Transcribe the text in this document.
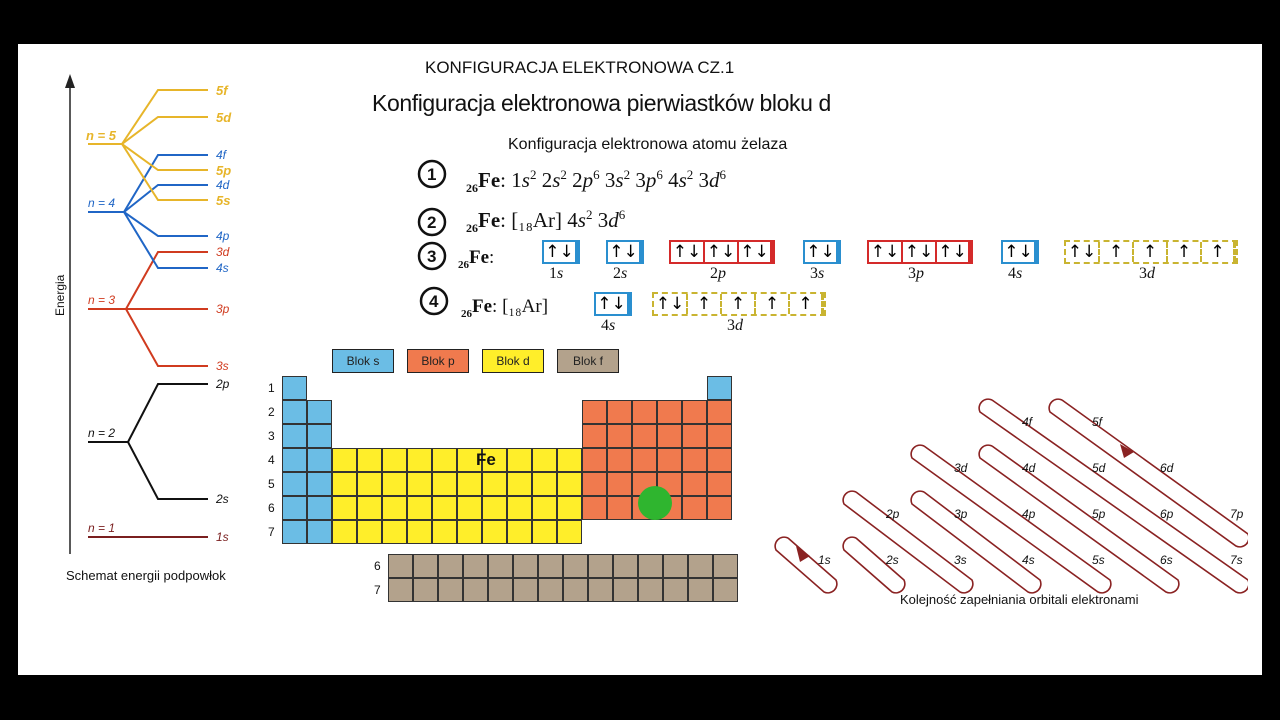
KONFIGURACJA ELEKTRONOWA CZ.1
Konfiguracja elektronowa pierwiastków bloku d
Konfiguracja elektronowa atomu żelaza
Energia
n = 1
1s
n = 2
2s
2p
n = 3
3s
3p
3d
n = 4
4s
4p
4d
4f
n = 5
5s
5p
5d
5f
Schemat energii podpowłok
1
2
3
4
$_{26}$Fe: $1s^2$ $2s^2$ $2p^6$ $3s^2$ $3p^6$ $4s^2$ $3d^6$
$_{26}$Fe: [₁₈Ar] $4s^2$ $3d^6$
$_{26}$Fe:	↑↓
1s
↑↓
2s
↑↓ ↑↓ ↑↓
2p
↑↓
3s
↑↓ ↑↓ ↑↓
3p
↑↓
4s
↑↓ ↑	↑	↑	↑
3d
$_{26}$Fe: [₁₈Ar]	↑↓
4s
↑↓ ↑	↑	↑	↑
3d
Blok s	Blok p	Blok d	Blok f
1
2
3
4
5
6
7
6
7
Fe
1s	2s
2p
3s
3p
3d
4s
4p
4d
4f
5s
5p
5d
5f
6s
6p
6d
7s
7p
Kolejność zapełniania orbitali elektronami
